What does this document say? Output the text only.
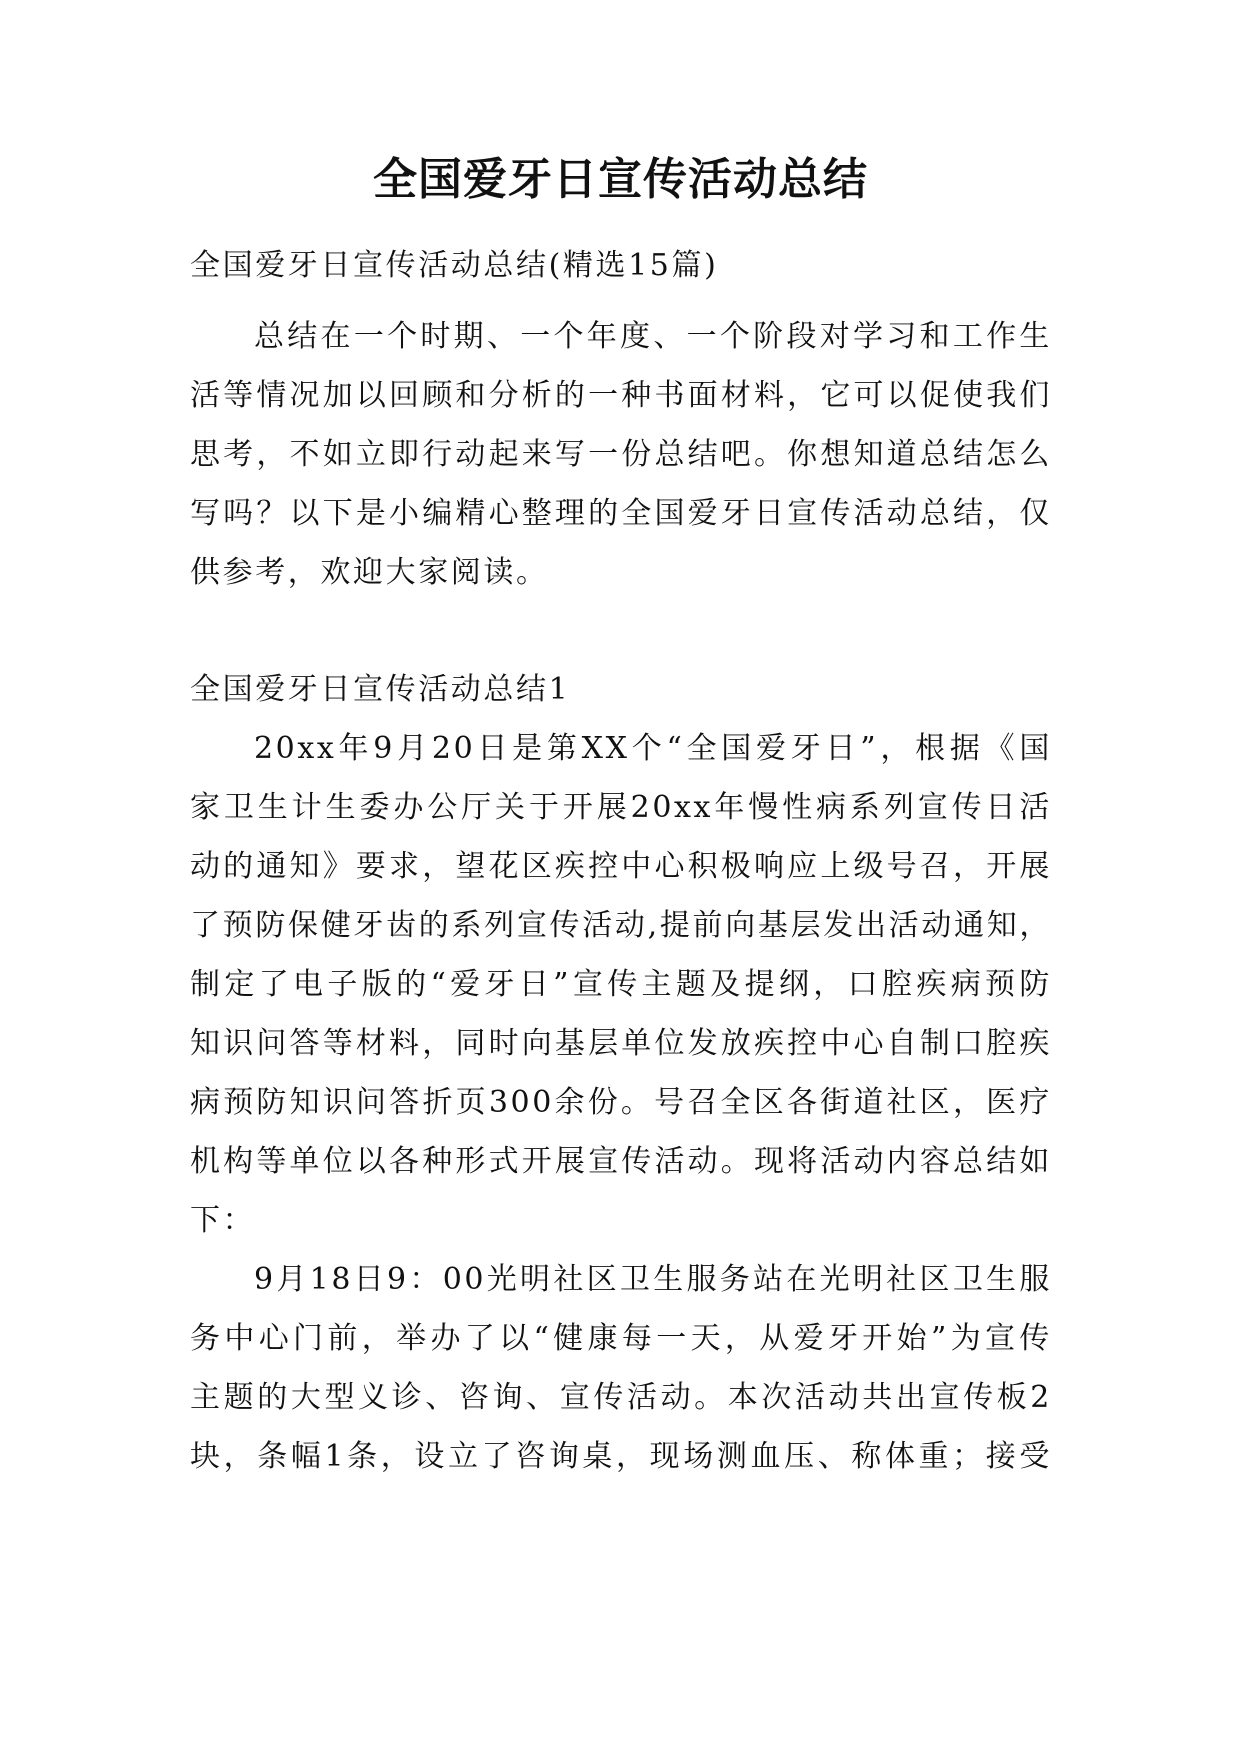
全国爱牙日宣传活动总结

全国爱牙日宣传活动总结(精选15篇)

总结在一个时期、一个年度、一个阶段对学习和工作生
活等情况加以回顾和分析的一种书面材料，它可以促使我们
思考，不如立即行动起来写一份总结吧。你想知道总结怎么
写吗？以下是小编精心整理的全国爱牙日宣传活动总结，仅
供参考，欢迎大家阅读。

全国爱牙日宣传活动总结1

20xx年9月20日是第XX个“全国爱牙日”，根据《国
家卫生计生委办公厅关于开展20xx年慢性病系列宣传日活
动的通知》要求，望花区疾控中心积极响应上级号召，开展
了预防保健牙齿的系列宣传活动,提前向基层发出活动通知，
制定了电子版的“爱牙日”宣传主题及提纲，口腔疾病预防
知识问答等材料，同时向基层单位发放疾控中心自制口腔疾
病预防知识问答折页300余份。号召全区各街道社区，医疗
机构等单位以各种形式开展宣传活动。现将活动内容总结如
下：
9月18日9：00光明社区卫生服务站在光明社区卫生服
务中心门前，举办了以“健康每一天，从爱牙开始”为宣传
主题的大型义诊、咨询、宣传活动。本次活动共出宣传板2
块，条幅1条，设立了咨询桌，现场测血压、称体重；接受
